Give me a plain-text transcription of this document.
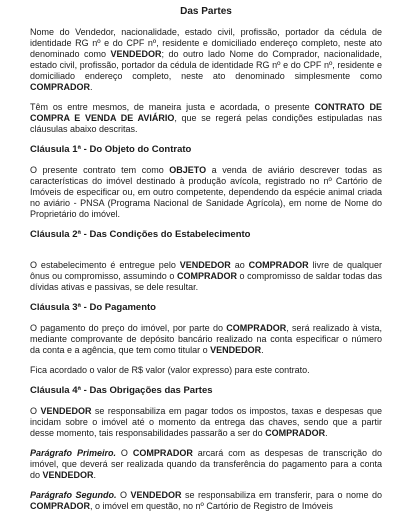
Das Partes

Nome do Vendedor, nacionalidade, estado civil, profissão, portador da cédula de identidade RG nº e do CPF nº, residente e domiciliado endereço completo, neste ato denominado como VENDEDOR; do outro lado Nome do Comprador, nacionalidade, estado civil, profissão, portador da cédula de identidade RG nº e do CPF nº, residente e domiciliado endereço completo, neste ato denominado simplesmente como COMPRADOR.

Têm os entre mesmos, de maneira justa e acordada, o presente CONTRATO DE COMPRA E VENDA DE AVIÁRIO, que se regerá pelas condições estipuladas nas cláusulas abaixo descritas.

Cláusula 1ª - Do Objeto do Contrato

O presente contrato tem como OBJETO a venda de aviário descrever todas as características do imóvel destinado à produção avícola, registrado no nº Cartório de Imóveis de especificar ou, em outro competente, dependendo da espécie animal criada no aviário - PNSA (Programa Nacional de Sanidade Agrícola), em nome de Nome do Proprietário do imóvel.

Cláusula 2ª - Das Condições do Estabelecimento

O estabelecimento é entregue pelo VENDEDOR ao COMPRADOR livre de qualquer ônus ou compromisso, assumindo o COMPRADOR o compromisso de saldar todas das dívidas ativas e passivas, se dele resultar.

Cláusula 3ª - Do Pagamento

O pagamento do preço do imóvel, por parte do COMPRADOR, será realizado à vista, mediante comprovante de depósito bancário realizado na conta especificar o número da conta e a agência, que tem como titular o VENDEDOR.

Fica acordado o valor de R$ valor (valor expresso) para este contrato.

Cláusula 4ª - Das Obrigações das Partes

O VENDEDOR se responsabiliza em pagar todos os impostos, taxas e despesas que incidam sobre o imóvel até o momento da entrega das chaves, sendo que a partir desse momento, tais responsabilidades passarão a ser do COMPRADOR.

Parágrafo Primeiro. O COMPRADOR arcará com as despesas de transcrição do imóvel, que deverá ser realizada quando da transferência do pagamento para a conta do VENDEDOR.

Parágrafo Segundo. O VENDEDOR se responsabiliza em transferir, para o nome do COMPRADOR, o imóvel em questão, no nº Cartório de Registro de Imóveis
